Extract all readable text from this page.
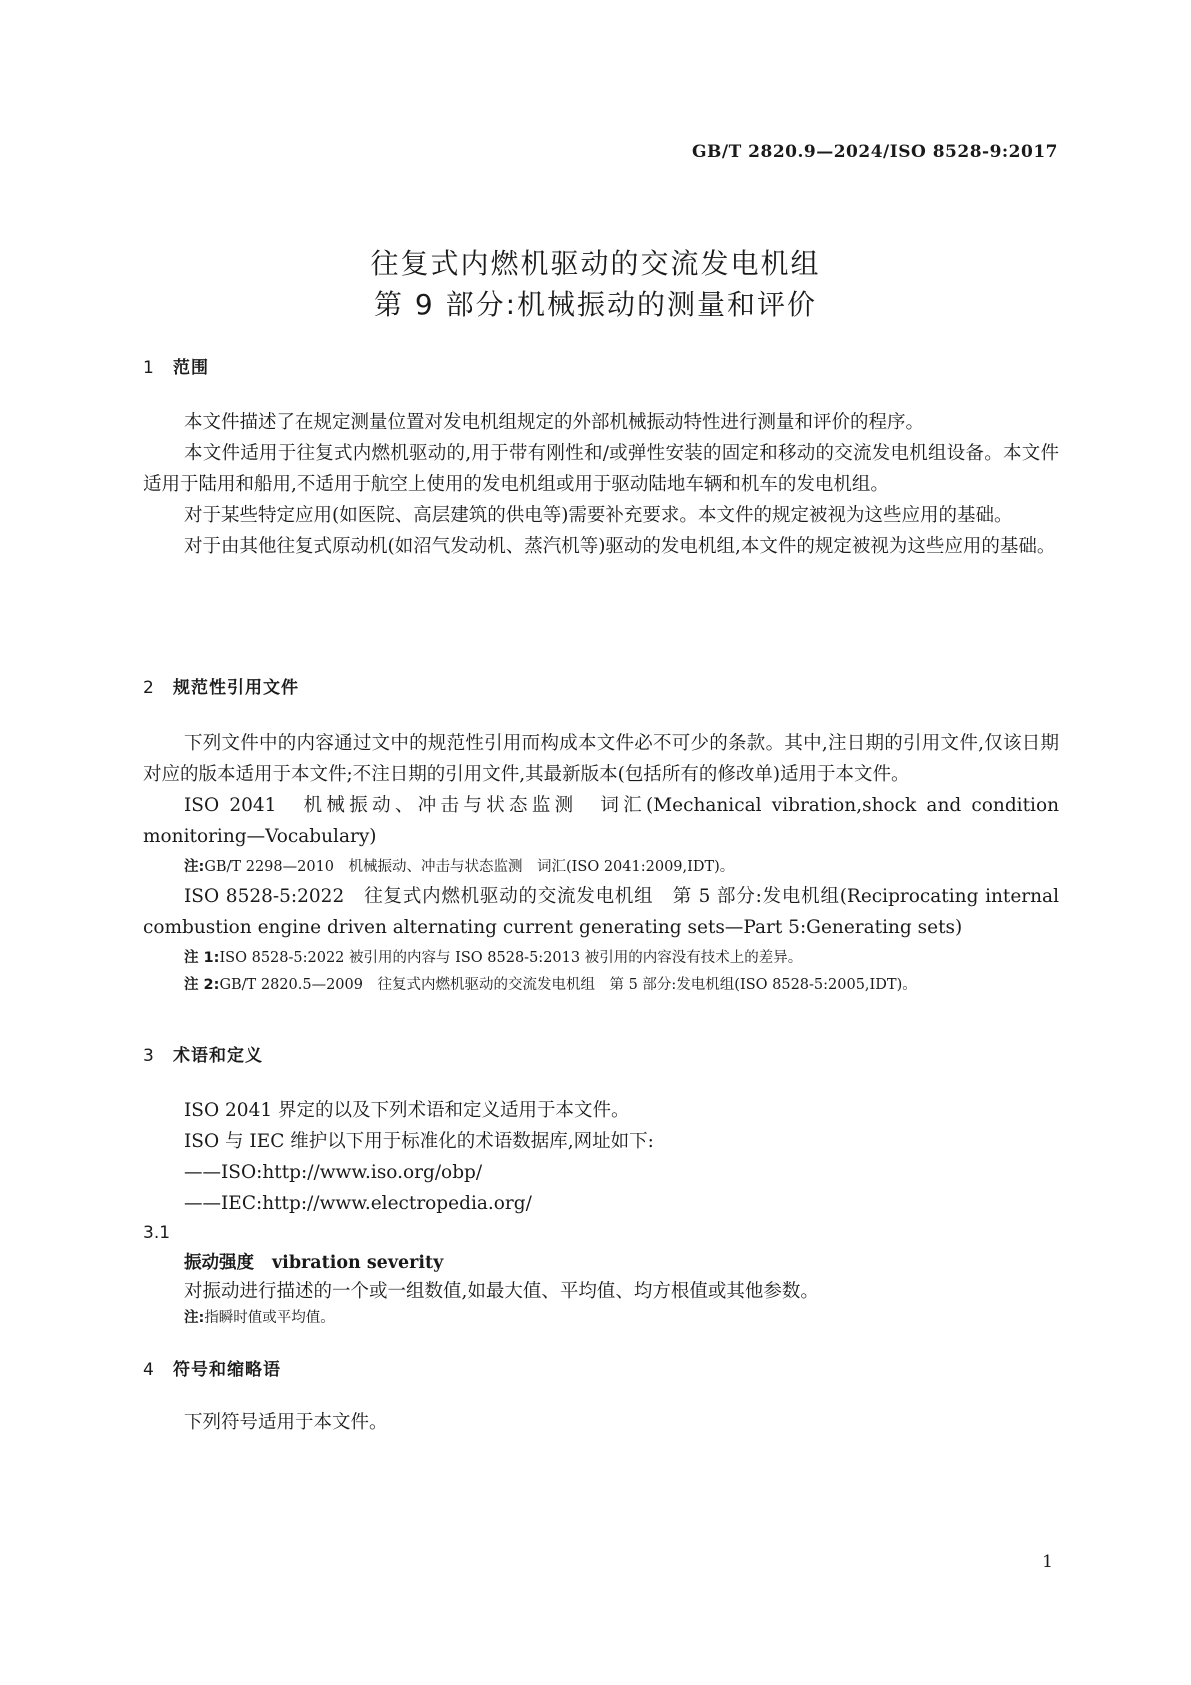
GB/T 2820.9—2024/ISO 8528-9:2017
往复式内燃机驱动的交流发电机组
第 9 部分:机械振动的测量和评价
1 范围
本文件描述了在规定测量位置对发电机组规定的外部机械振动特性进行测量和评价的程序。
本文件适用于往复式内燃机驱动的,用于带有刚性和/或弹性安装的固定和移动的交流发电机组设备。本文件适用于陆用和船用,不适用于航空上使用的发电机组或用于驱动陆地车辆和机车的发电机组。
对于某些特定应用(如医院、高层建筑的供电等)需要补充要求。本文件的规定被视为这些应用的基础。
对于由其他往复式原动机(如沼气发动机、蒸汽机等)驱动的发电机组,本文件的规定被视为这些应用的基础。
2 规范性引用文件
下列文件中的内容通过文中的规范性引用而构成本文件必不可少的条款。其中,注日期的引用文件,仅该日期对应的版本适用于本文件;不注日期的引用文件,其最新版本(包括所有的修改单)适用于本文件。
ISO 2041　机械振动、冲击与状态监测　词汇(Mechanical vibration,shock and condition monitoring—Vocabulary)
注:GB/T 2298—2010　机械振动、冲击与状态监测　词汇(ISO 2041:2009,IDT)。
ISO 8528-5:2022　往复式内燃机驱动的交流发电机组　第 5 部分:发电机组(Reciprocating internal combustion engine driven alternating current generating sets—Part 5:Generating sets)
注 1:ISO 8528-5:2022 被引用的内容与 ISO 8528-5:2013 被引用的内容没有技术上的差异。
注 2:GB/T 2820.5—2009　往复式内燃机驱动的交流发电机组　第 5 部分:发电机组(ISO 8528-5:2005,IDT)。
3 术语和定义
ISO 2041 界定的以及下列术语和定义适用于本文件。
ISO 与 IEC 维护以下用于标准化的术语数据库,网址如下:
——ISO:http://www.iso.org/obp/
——IEC:http://www.electropedia.org/
3.1
振动强度 vibration severity
对振动进行描述的一个或一组数值,如最大值、平均值、均方根值或其他参数。
注:指瞬时值或平均值。
4 符号和缩略语
下列符号适用于本文件。
1
